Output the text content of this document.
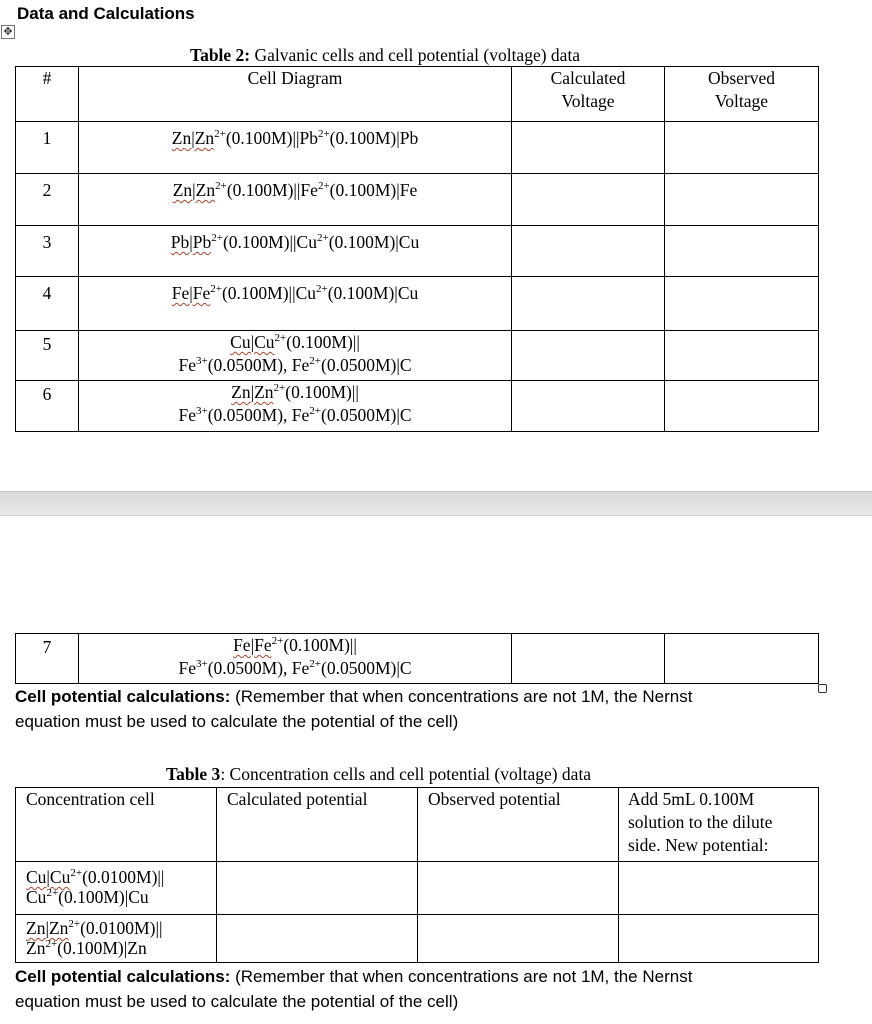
Data and Calculations
✥
Table 2: Galvanic cells and cell potential (voltage) data
#	Cell Diagram	Calculated Voltage	Observed Voltage

1	$Zn|Zn^{2+}(0.100M)||Pb^{2+}(0.100M)|Pb$		
2	$Zn|Zn^{2+}(0.100M)||Fe^{2+}(0.100M)|Fe$		
3	$Pb|Pb^{2+}(0.100M)||Cu^{2+}(0.100M)|Cu$		
4	$Fe|Fe^{2+}(0.100M)||Cu^{2+}(0.100M)|Cu$		
5	$Cu|Cu^{2+}(0.100M)||$
$Fe^{3+}(0.0500M)$, $Fe^{2+}(0.0500M)|C$		

6	$Zn|Zn^{2+}(0.100M)||$
$Fe^{3+}(0.0500M)$, $Fe^{2+}(0.0500M)|C$		

7	$Fe|Fe^{2+}(0.100M)||$
$Fe^{3+}(0.0500M)$, $Fe^{2+}(0.0500M)|C$

Cell potential calculations: (Remember that when concentrations are not 1M, the Nernst
equation must be used to calculate the potential of the cell)
Table 3: Concentration cells and cell potential (voltage) data
Concentration cell	Calculated potential	Observed potential	Add 5mL 0.100M
solution to the dilute
side. New potential:

$Cu|Cu^{2+}(0.0100M)||$
$Cu^{2+}(0.100M)|Cu$			

$Zn|Zn^{2+}(0.0100M)||$
$Zn^{2+}(0.100M)|Zn$			

Cell potential calculations: (Remember that when concentrations are not 1M, the Nernst
equation must be used to calculate the potential of the cell)
